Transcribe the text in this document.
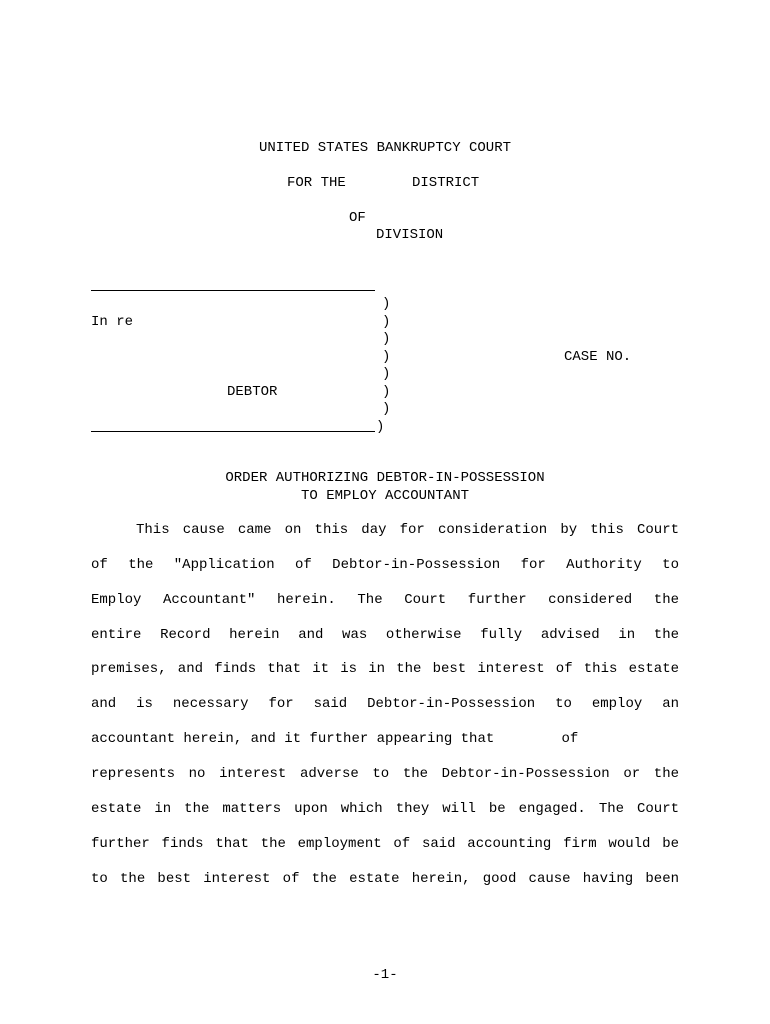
UNITED STATES BANKRUPTCY COURT
FOR THE	DISTRICT
OF
DIVISION
)
)
)
)
)
)
)
)
In re
DEBTOR
CASE NO.
ORDER AUTHORIZING DEBTOR-IN-POSSESSION
TO EMPLOY ACCOUNTANT
This cause came on this day for consideration by this Court
of the "Application of Debtor-in-Possession for Authority to
Employ Accountant" herein. The Court further considered the
entire Record herein and was otherwise fully advised in the
premises, and finds that it is in the best interest of this estate
and is necessary for said Debtor-in-Possession to employ an
accountant herein, and it further appearing that        of
represents no interest adverse to the Debtor-in-Possession or the
estate in the matters upon which they will be engaged. The Court
further finds that the employment of said accounting firm would be
to the best interest of the estate herein, good cause having been
-1-
